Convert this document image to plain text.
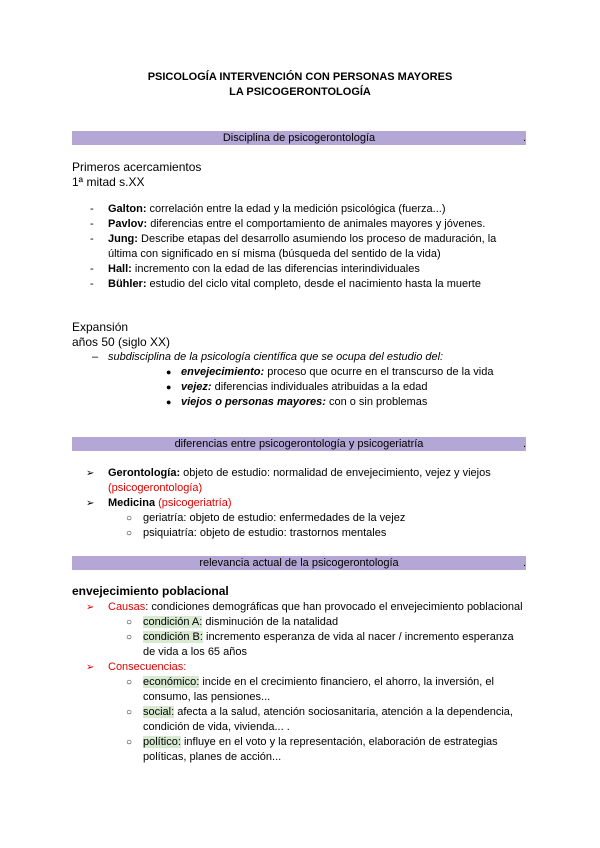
PSICOLOGÍA INTERVENCIÓN CON PERSONAS MAYORES
LA PSICOGERONTOLOGÍA
Disciplina de psicogerontología	.
Primeros acercamientos
1ª mitad s.XX
- Galton: correlación entre la edad y la medición psicológica (fuerza...)
- Pavlov: diferencias entre el comportamiento de animales mayores y jóvenes.
- Jung: Describe etapas del desarrollo asumiendo los proceso de maduración, la
última con significado en sí misma (búsqueda del sentido de la vida)
- Hall: incremento con la edad de las diferencias interindividuales
- Bühler: estudio del ciclo vital completo, desde el nacimiento hasta la muerte
Expansión
años 50 (siglo XX)
– subdisciplina de la psicología científica que se ocupa del estudio del:
● envejecimiento: proceso que ocurre en el transcurso de la vida
● vejez: diferencias individuales atribuidas a la edad
● viejos o personas mayores: con o sin problemas
diferencias entre psicogerontología y psicogeriatría	.
➢ Gerontología: objeto de estudio: normalidad de envejecimiento, vejez y viejos
(psicogerontología)
➢ Medicina (psicogeriatría)
○ geriatría: objeto de estudio: enfermedades de la vejez
○ psiquiatría: objeto de estudio: trastornos mentales
relevancia actual de la psicogerontología	.
envejecimiento poblacional
➢ Causas: condiciones demográficas que han provocado el envejecimiento poblacional
○ condición A: disminución de la natalidad
○ condición B: incremento esperanza de vida al nacer / incremento esperanza
de vida a los 65 años
➢ Consecuencias:
○ económico: incide en el crecimiento financiero, el ahorro, la inversión, el
consumo, las pensiones...
○ social: afecta a la salud, atención sociosanitaria, atención a la dependencia,
condición de vida, vivienda... .
○ político: influye en el voto y la representación, elaboración de estrategias
políticas, planes de acción...
